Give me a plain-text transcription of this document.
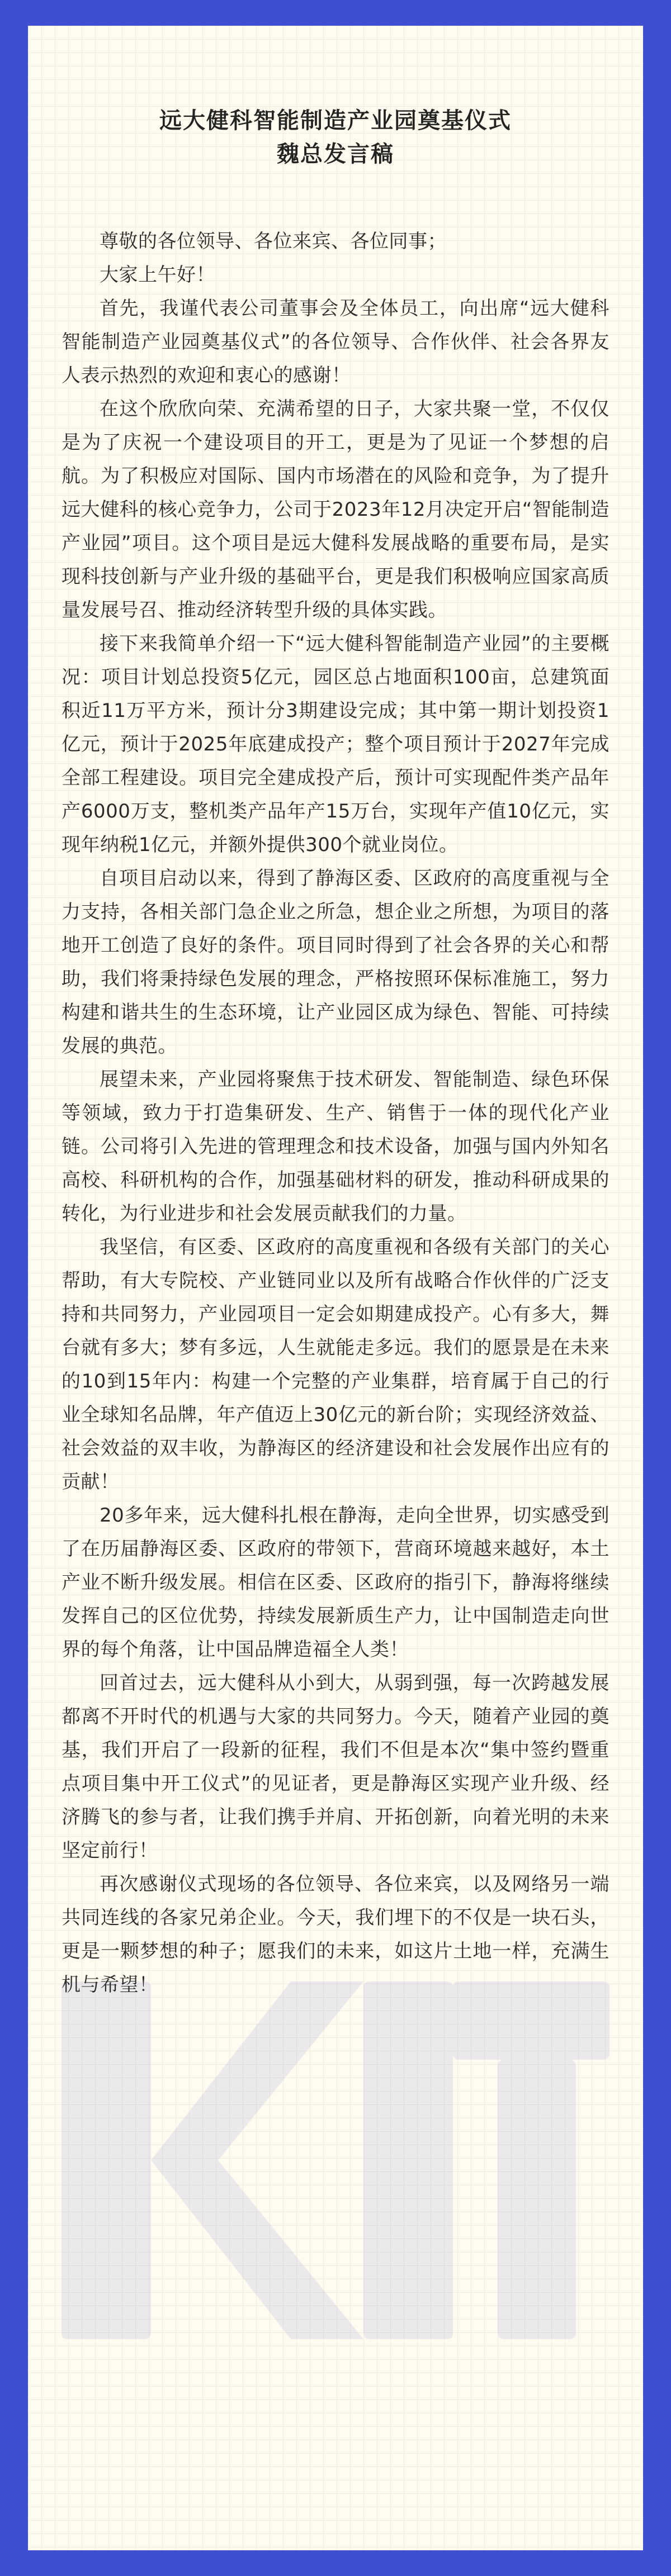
远大健科智能制造产业园奠基仪式
魏总发言稿

尊敬的各位领导、各位来宾、各位同事；

大家上午好！

首先，我谨代表公司董事会及全体员工，向出席“远大健科智能制造产业园奠基仪式”的各位领导、合作伙伴、社会各界友人表示热烈的欢迎和衷心的感谢！

在这个欣欣向荣、充满希望的日子，大家共聚一堂，不仅仅是为了庆祝一个建设项目的开工，更是为了见证一个梦想的启航。为了积极应对国际、国内市场潜在的风险和竞争，为了提升远大健科的核心竞争力，公司于2023年12月决定开启“智能制造产业园”项目。这个项目是远大健科发展战略的重要布局，是实现科技创新与产业升级的基础平台，更是我们积极响应国家高质量发展号召、推动经济转型升级的具体实践。

接下来我简单介绍一下“远大健科智能制造产业园”的主要概况：项目计划总投资5亿元，园区总占地面积100亩，总建筑面积近11万平方米，预计分3期建设完成；其中第一期计划投资1亿元，预计于2025年底建成投产；整个项目预计于2027年完成全部工程建设。项目完全建成投产后，预计可实现配件类产品年产6000万支，整机类产品年产15万台，实现年产值10亿元，实现年纳税1亿元，并额外提供300个就业岗位。

自项目启动以来，得到了静海区委、区政府的高度重视与全力支持，各相关部门急企业之所急，想企业之所想，为项目的落地开工创造了良好的条件。项目同时得到了社会各界的关心和帮助，我们将秉持绿色发展的理念，严格按照环保标准施工，努力构建和谐共生的生态环境，让产业园区成为绿色、智能、可持续发展的典范。

展望未来，产业园将聚焦于技术研发、智能制造、绿色环保等领域，致力于打造集研发、生产、销售于一体的现代化产业链。公司将引入先进的管理理念和技术设备，加强与国内外知名高校、科研机构的合作，加强基础材料的研发，推动科研成果的转化，为行业进步和社会发展贡献我们的力量。

我坚信，有区委、区政府的高度重视和各级有关部门的关心帮助，有大专院校、产业链同业以及所有战略合作伙伴的广泛支持和共同努力，产业园项目一定会如期建成投产。心有多大，舞台就有多大；梦有多远，人生就能走多远。我们的愿景是在未来的10到15年内：构建一个完整的产业集群，培育属于自己的行业全球知名品牌，年产值迈上30亿元的新台阶；实现经济效益、社会效益的双丰收，为静海区的经济建设和社会发展作出应有的贡献！

20多年来，远大健科扎根在静海，走向全世界，切实感受到了在历届静海区委、区政府的带领下，营商环境越来越好，本土产业不断升级发展。相信在区委、区政府的指引下，静海将继续发挥自己的区位优势，持续发展新质生产力，让中国制造走向世界的每个角落，让中国品牌造福全人类！

回首过去，远大健科从小到大，从弱到强，每一次跨越发展都离不开时代的机遇与大家的共同努力。今天，随着产业园的奠基，我们开启了一段新的征程，我们不但是本次“集中签约暨重点项目集中开工仪式”的见证者，更是静海区实现产业升级、经济腾飞的参与者，让我们携手并肩、开拓创新，向着光明的未来坚定前行！

再次感谢仪式现场的各位领导、各位来宾，以及网络另一端共同连线的各家兄弟企业。今天，我们埋下的不仅是一块石头，更是一颗梦想的种子；愿我们的未来，如这片土地一样，充满生机与希望！
